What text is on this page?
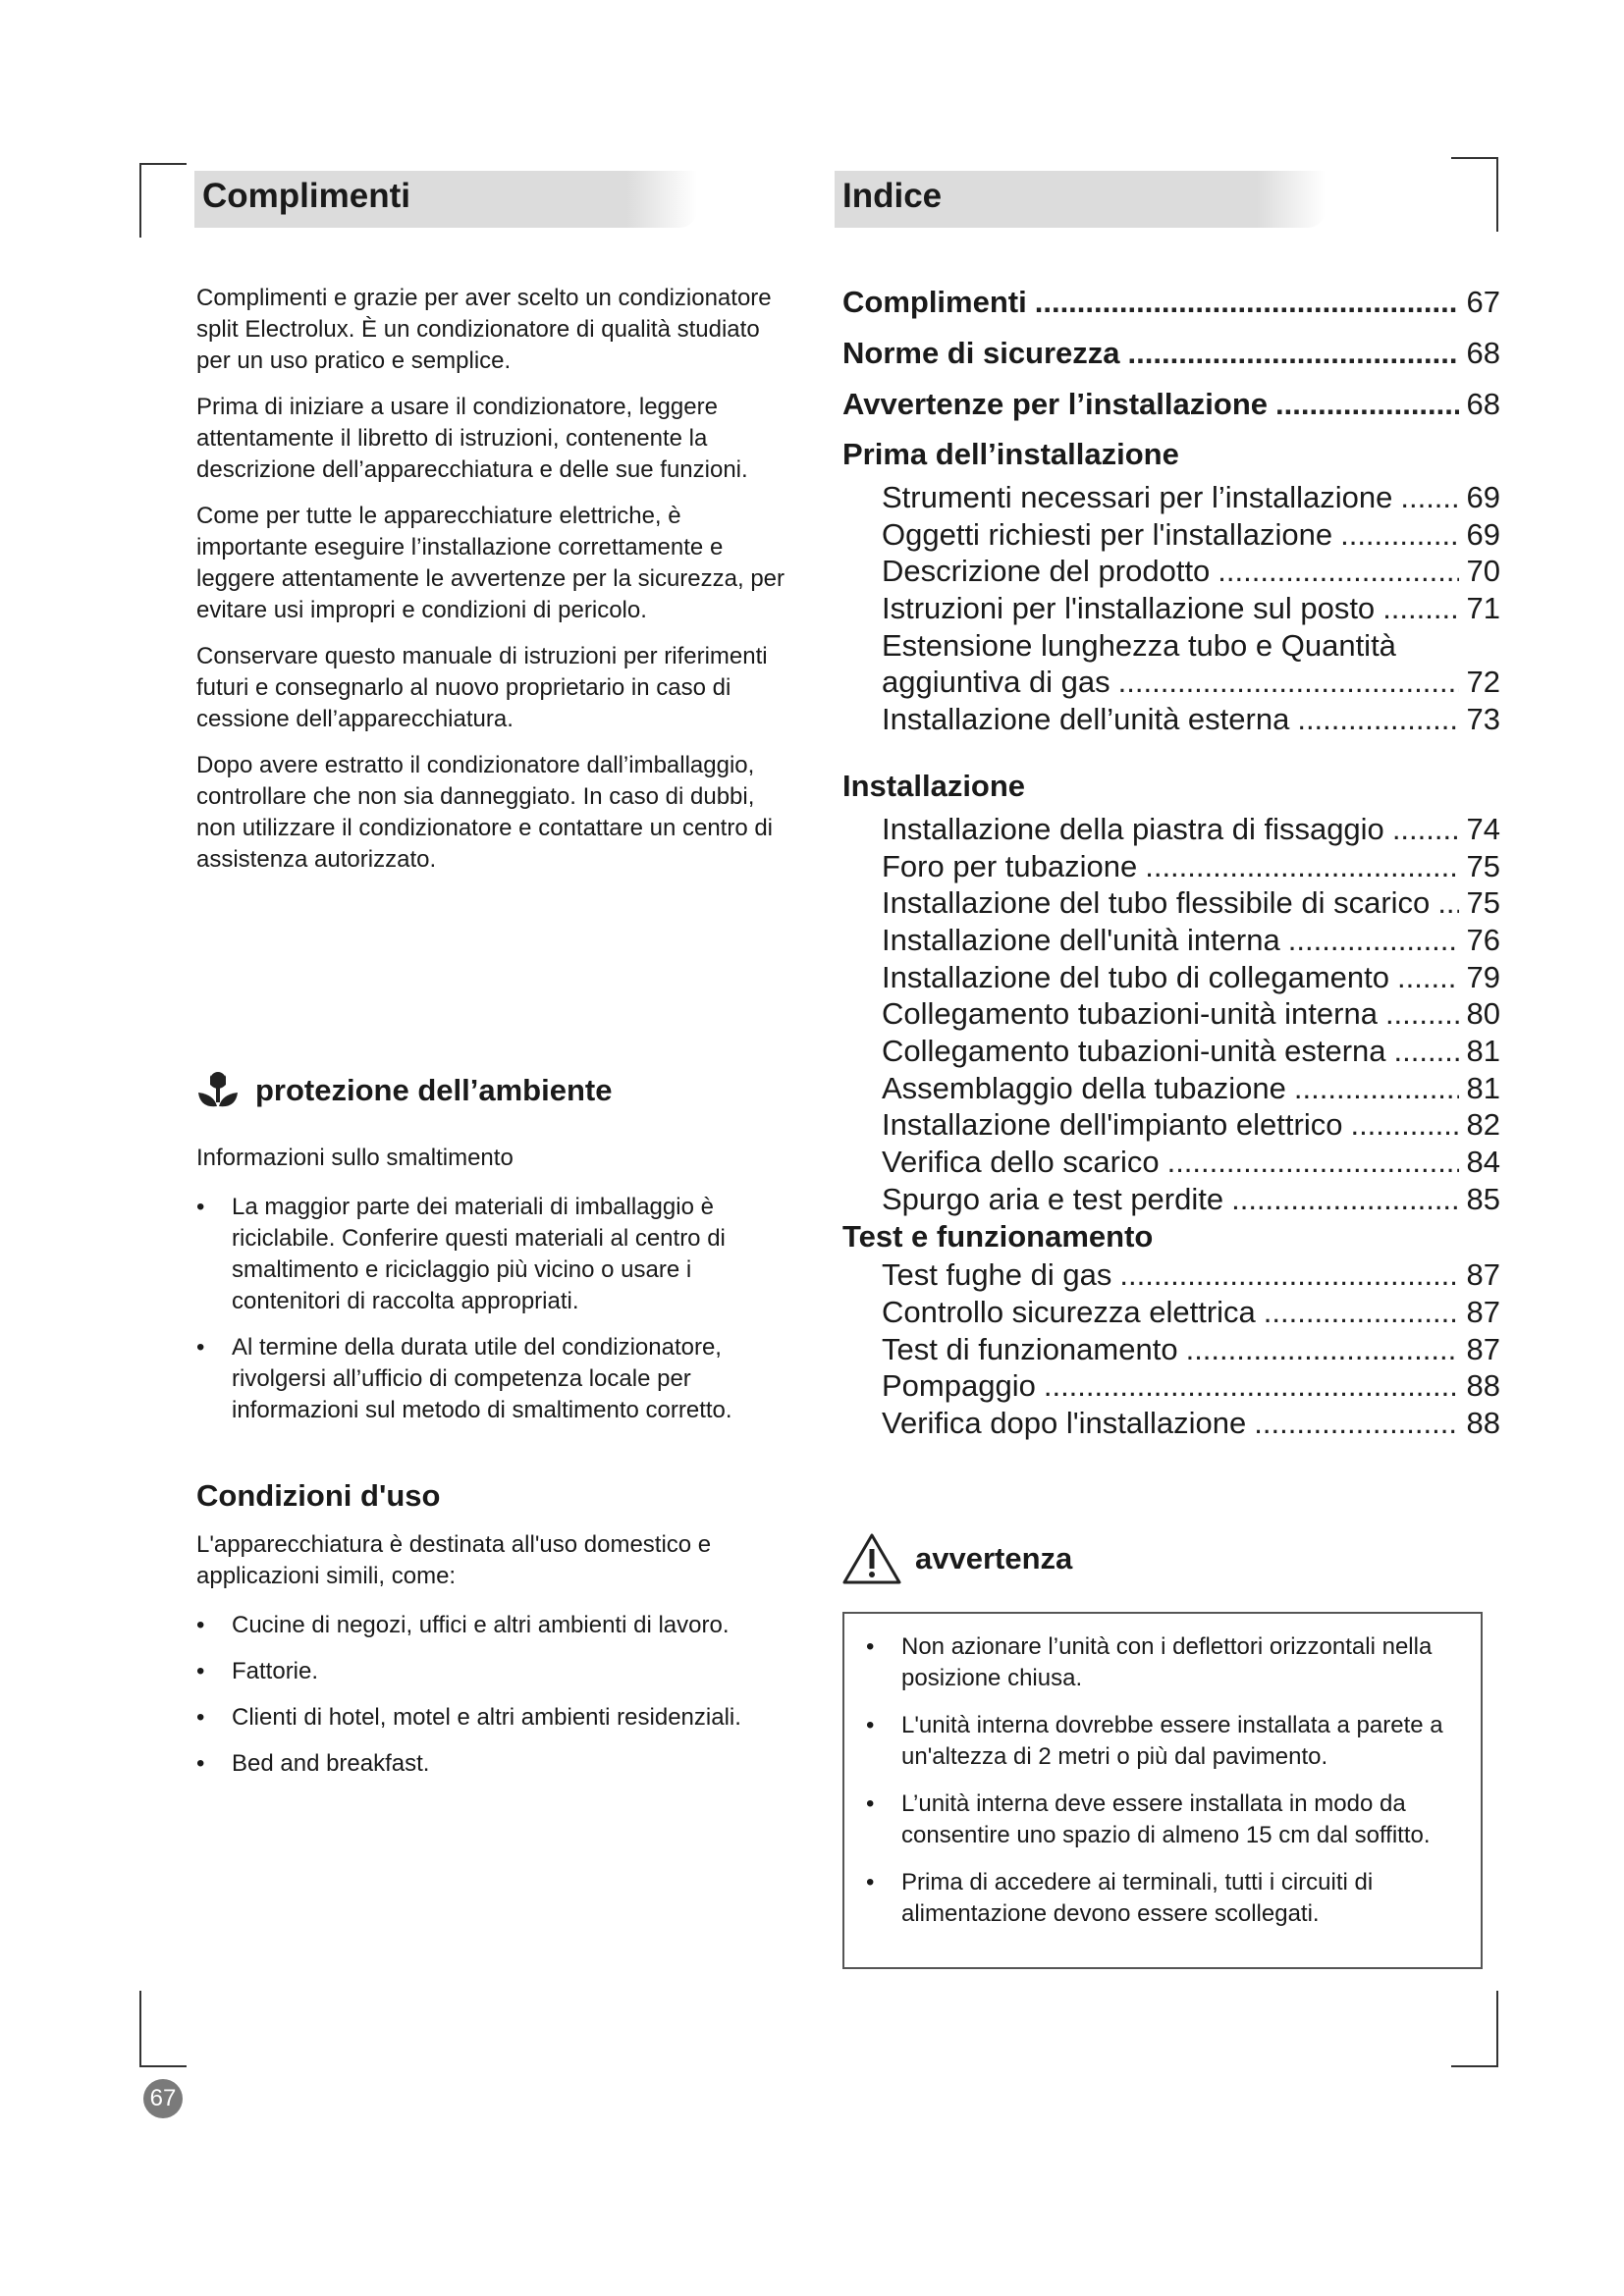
Complimenti	Indice

Complimenti e grazie per aver scelto un condizionatore split Electrolux. È un condizionatore di qualità studiato per un uso pratico e semplice.

Prima di iniziare a usare il condizionatore, leggere attentamente il libretto di istruzioni, contenente la descrizione dell’apparecchiatura e delle sue funzioni.

Come per tutte le apparecchiature elettriche, è importante eseguire l’installazione correttamente e leggere attentamente le avvertenze per la sicurezza, per evitare usi impropri e condizioni di pericolo.

Conservare questo manuale di istruzioni per riferimenti futuri e consegnarlo al nuovo proprietario in caso di cessione dell’apparecchiatura.

Dopo avere estratto il condizionatore dall’imballaggio, controllare che non sia danneggiato. In caso di dubbi, non utilizzare il condizionatore e contattare un centro di assistenza autorizzato.

protezione dell’ambiente

Informazioni sullo smaltimento

• La maggior parte dei materiali di imballaggio è riciclabile. Conferire questi materiali al centro di smaltimento e riciclaggio più vicino o usare i contenitori di raccolta appropriati.

• Al termine della durata utile del condizionatore, rivolgersi all’ufficio di competenza locale per informazioni sul metodo di smaltimento corretto.

Condizioni d'uso

L'apparecchiatura è destinata all'uso domestico e applicazioni simili, come:

• Cucine di negozi, uffici e altri ambienti di lavoro.

• Fattorie.

• Clienti di hotel, motel e altri ambienti residenziali.

• Bed and breakfast.

Complimenti .....	67
Norme di sicurezza .....	68
Avvertenze per l’installazione .....	68
Prima dell’installazione
Strumenti necessari per l’installazione ..... 69
Oggetti richiesti per l'installazione .....	69
Descrizione del prodotto .....	70
Istruzioni per l'installazione sul posto .....	71
Estensione lunghezza tubo e Quantità
aggiuntiva di gas .....	72
Installazione dell’unità esterna .....	73
Installazione
Installazione della piastra di fissaggio .....	74
Foro per tubazione .....	75
Installazione del tubo flessibile di scarico ..... 75
Installazione dell'unità interna .....	76
Installazione del tubo di collegamento .....	79
Collegamento tubazioni-unità interna .....	80
Collegamento tubazioni-unità esterna .....	81
Assemblaggio della tubazione .....	81
Installazione dell'impianto elettrico .....	82
Verifica dello scarico .....	84
Spurgo aria e test perdite .....	85
Test e funzionamento
Test fughe di gas .....	87
Controllo sicurezza elettrica .....	87
Test di funzionamento .....	87
Pompaggio .....	88
Verifica dopo l'installazione .....	88
avvertenza

• Non azionare l’unità con i deflettori orizzontali nella posizione chiusa.

• L'unità interna dovrebbe essere installata a parete a un'altezza di 2 metri o più dal pavimento.

• L’unità interna deve essere installata in modo da consentire uno spazio di almeno 15 cm dal soffitto.

• Prima di accedere ai terminali, tutti i circuiti di alimentazione devono essere scollegati.

67
